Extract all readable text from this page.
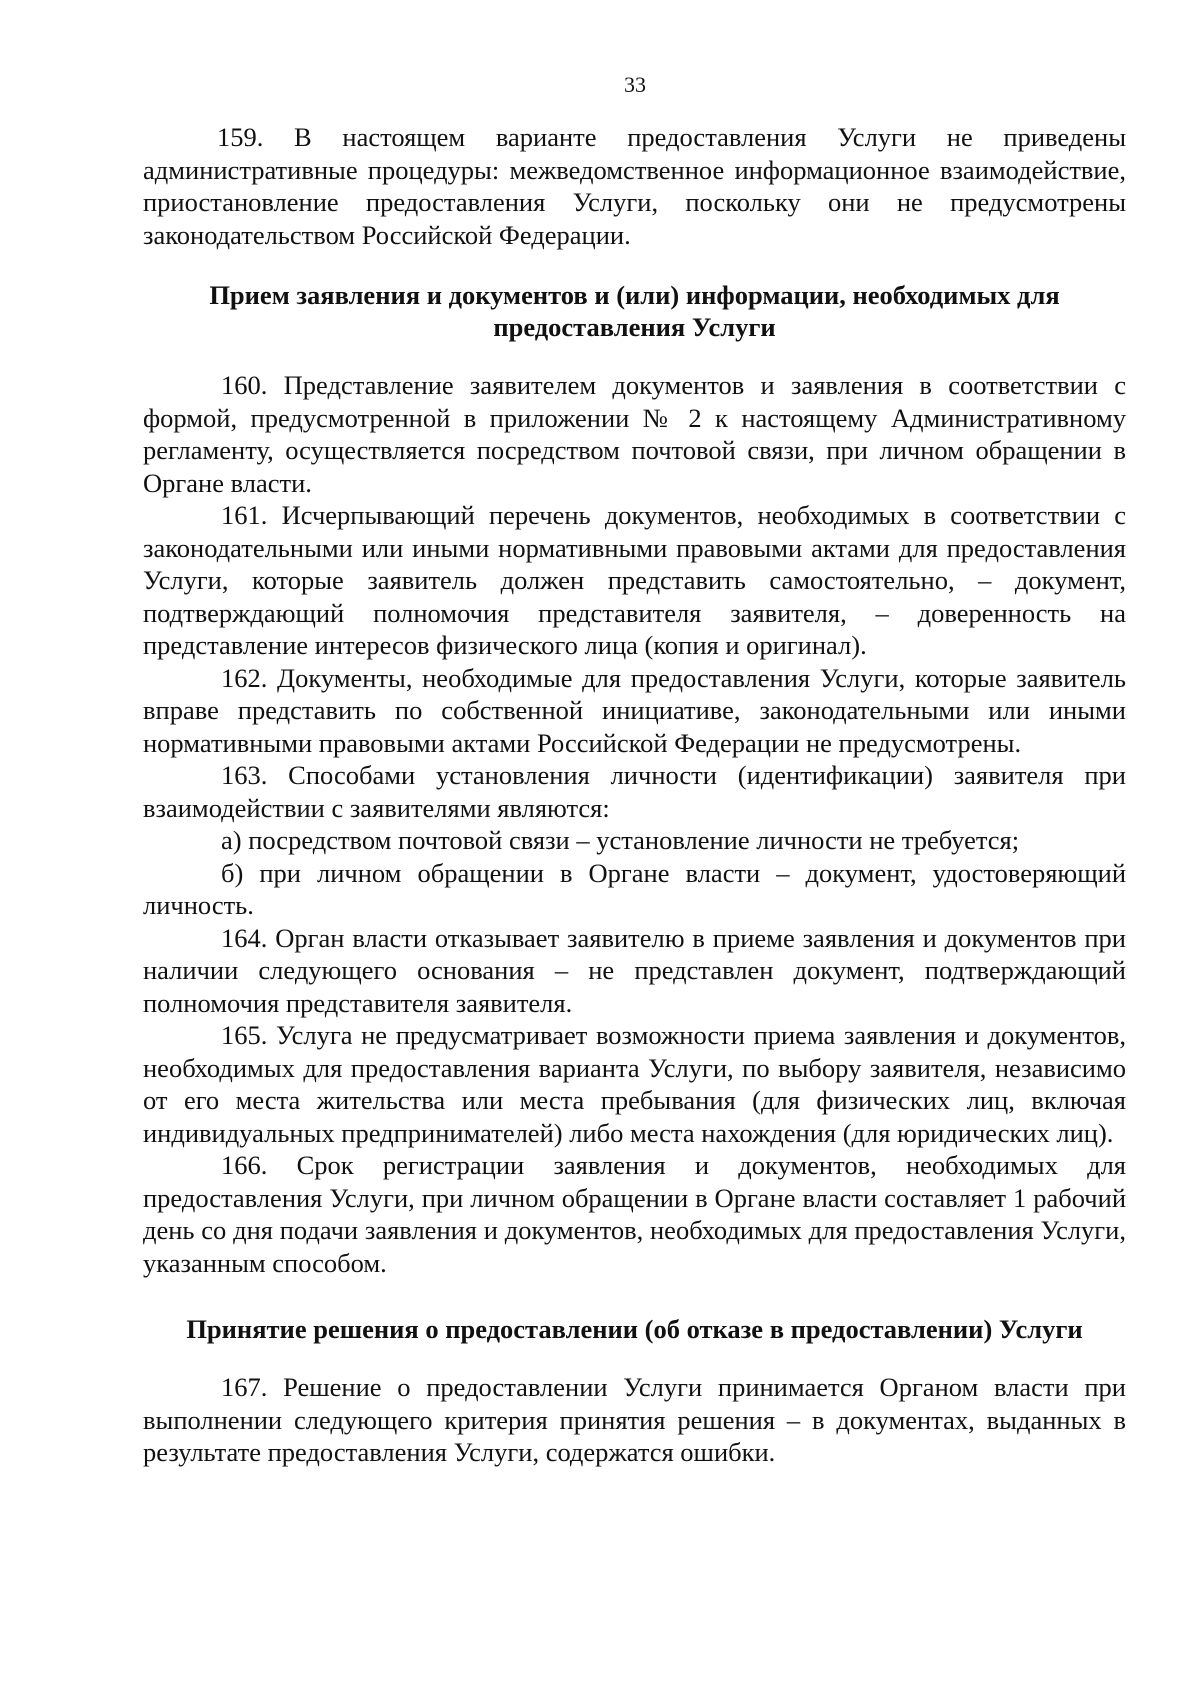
33

159. В настоящем варианте предоставления Услуги не приведены административные процедуры: межведомственное информационное взаимодействие, приостановление предоставления Услуги, поскольку они не предусмотрены законодательством Российской Федерации.

Прием заявления и документов и (или) информации, необходимых для предоставления Услуги

160. Представление заявителем документов и заявления в соответствии с формой, предусмотренной в приложении № 2 к настоящему Административному регламенту, осуществляется посредством почтовой связи, при личном обращении в Органе власти.

161. Исчерпывающий перечень документов, необходимых в соответствии с законодательными или иными нормативными правовыми актами для предоставления Услуги, которые заявитель должен представить самостоятельно, – документ, подтверждающий полномочия представителя заявителя, – доверенность на представление интересов физического лица (копия и оригинал).

162. Документы, необходимые для предоставления Услуги, которые заявитель вправе представить по собственной инициативе, законодательными или иными нормативными правовыми актами Российской Федерации не предусмотрены.

163. Способами установления личности (идентификации) заявителя при взаимодействии с заявителями являются:

а) посредством почтовой связи – установление личности не требуется;

б) при личном обращении в Органе власти – документ, удостоверяющий личность.

164. Орган власти отказывает заявителю в приеме заявления и документов при наличии следующего основания – не представлен документ, подтверждающий полномочия представителя заявителя.

165. Услуга не предусматривает возможности приема заявления и документов, необходимых для предоставления варианта Услуги, по выбору заявителя, независимо от его места жительства или места пребывания (для физических лиц, включая индивидуальных предпринимателей) либо места нахождения (для юридических лиц).

166. Срок регистрации заявления и документов, необходимых для предоставления Услуги, при личном обращении в Органе власти составляет 1 рабочий день со дня подачи заявления и документов, необходимых для предоставления Услуги, указанным способом.

Принятие решения о предоставлении (об отказе в предоставлении) Услуги

167. Решение о предоставлении Услуги принимается Органом власти при выполнении следующего критерия принятия решения – в документах, выданных в результате предоставления Услуги, содержатся ошибки.
